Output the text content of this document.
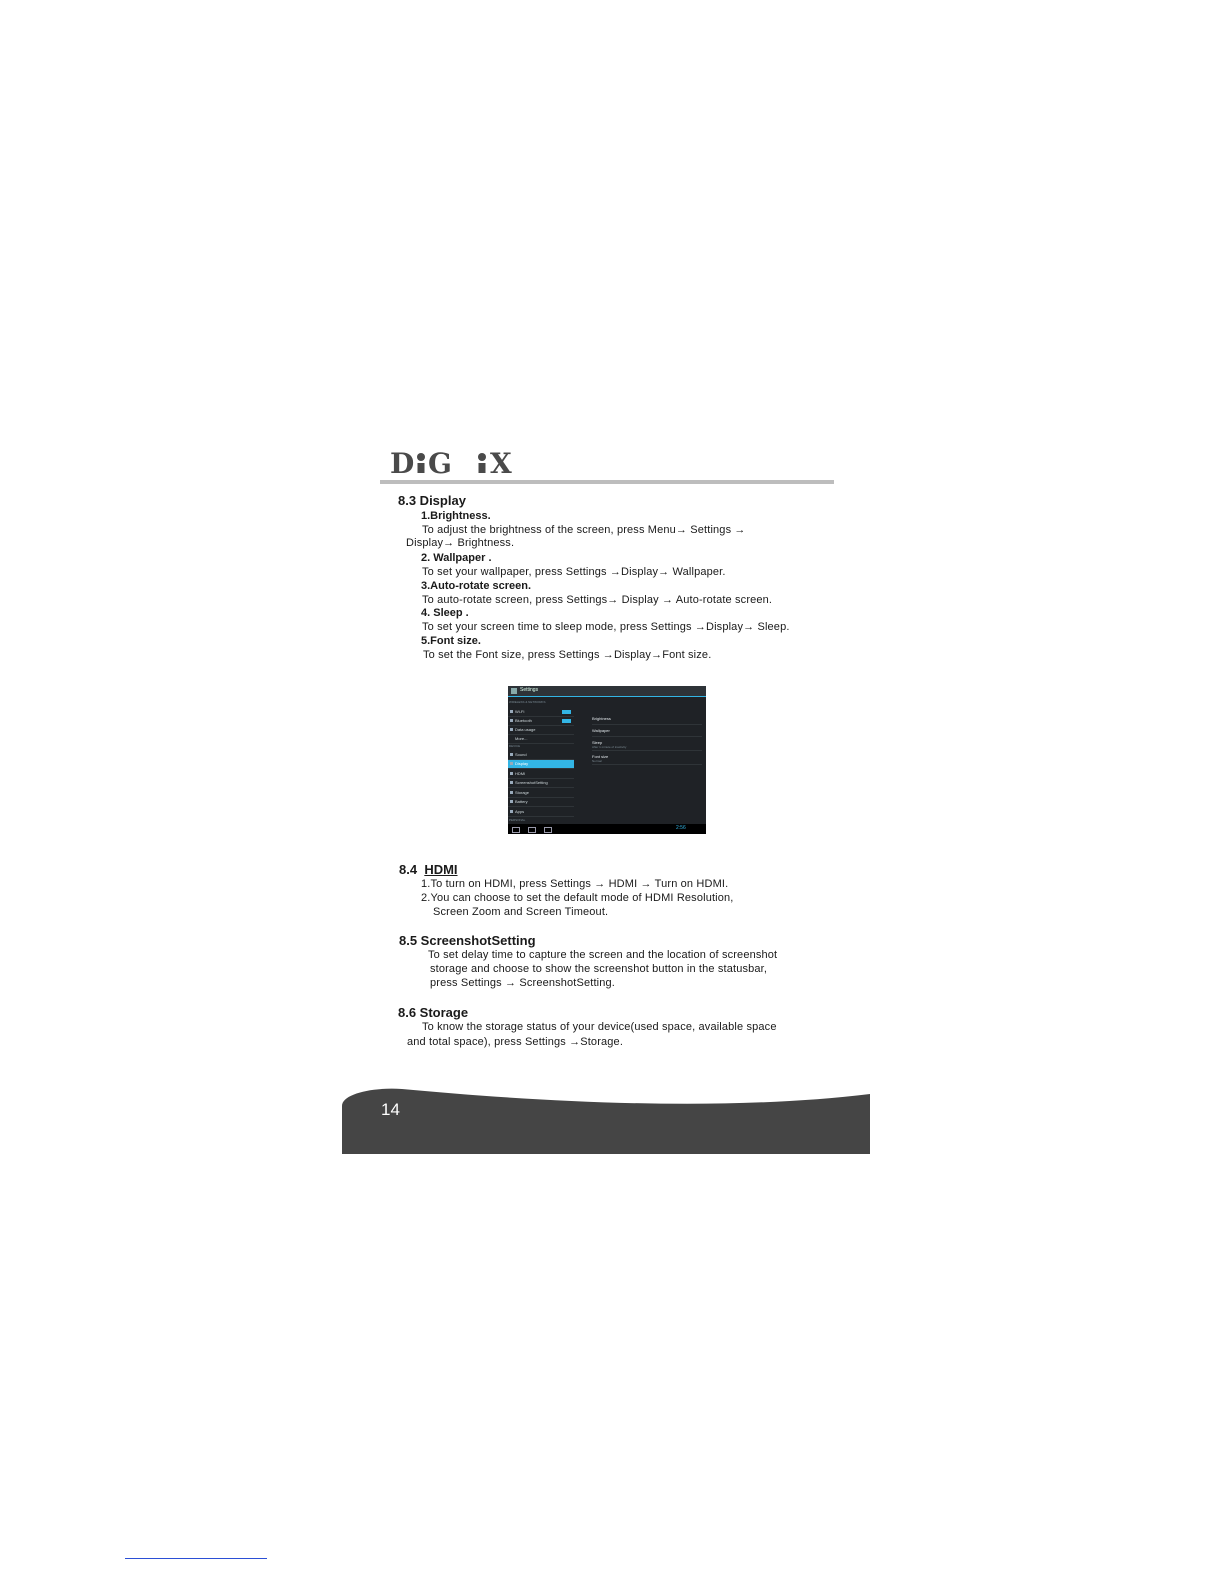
D G X
8.3 Display
1.Brightness.
To adjust the brightness of the screen, press Menu→ Settings →
Display→ Brightness.
2. Wallpaper .
To set your wallpaper, press Settings →Display→ Wallpaper.
3.Auto-rotate screen.
To auto-rotate screen, press Settings→ Display → Auto-rotate screen.
4. Sleep .
To set your screen time to sleep mode, press Settings →Display→ Sleep.
5.Font size.
To set the Font size, press Settings →Display→Font size.
Settings
WIRELESS & NETWORKS
Wi-Fi
Bluetooth
Data usage
More...
DEVICE
Sound
Display
HDMI
ScreenshotSetting
Storage
Battery
Apps
PERSONAL
Brightness
Wallpaper
Sleep
After 1 minute of inactivity
Font size
Normal
2:56
8.4 HDMI
1.To turn on HDMI, press Settings → HDMI → Turn on HDMI.
2.You can choose to set the default mode of HDMI Resolution,
Screen Zoom and Screen Timeout.
8.5 ScreenshotSetting
To set delay time to capture the screen and the location of screenshot
storage and choose to show the screenshot button in the statusbar,
press Settings → ScreenshotSetting.
8.6 Storage
To know the storage status of your device(used space, available space
and total space), press Settings →Storage.
14
